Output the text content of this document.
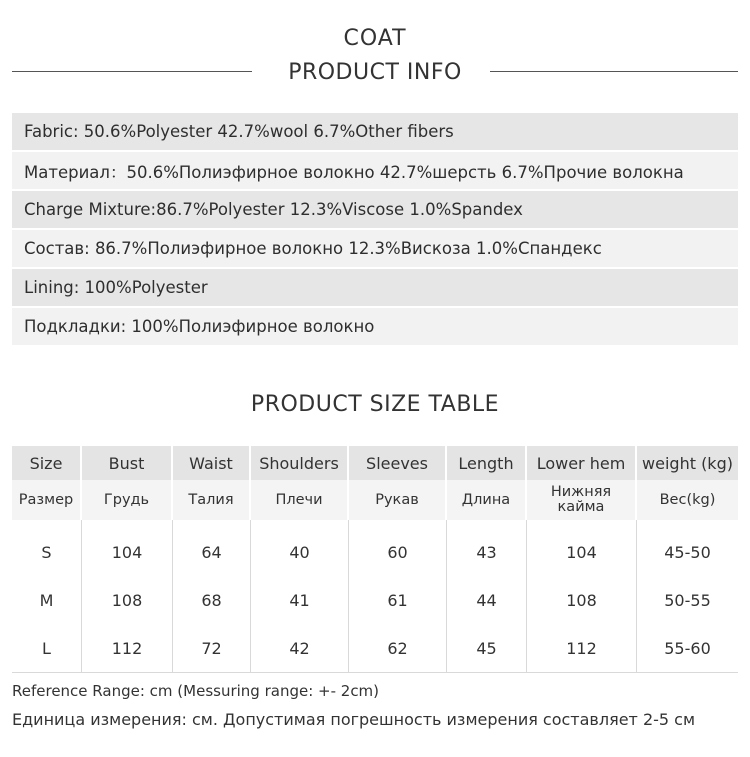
COAT
PRODUCT INFO
Fabric: 50.6%Polyester 42.7%wool 6.7%Other fibers
Материал：50.6%Полиэфирное волокно 42.7%шерсть 6.7%Прочие волокна
Charge Mixture:86.7%Polyester 12.3%Viscose 1.0%Spandex
Состав: 86.7%Полиэфирное волокно 12.3%Вискоза 1.0%Спандекс
Lining: 100%Polyester
Подкладки: 100%Полиэфирное волокно
PRODUCT SIZE TABLE
Size	Bust	Waist	Shoulders	Sleeves	Length	Lower hem	weight (kg)
Размер	Грудь	Талия	Плечи	Рукав	Длина	Нижняя кайма	Вес(kg)
S	104	64	40	60	43	104	45-50
M	108	68	41	61	44	108	50-55
L	112	72	42	62	45	112	55-60
Reference Range: cm (Messuring range: +- 2cm)
Единица измерения: см. Допустимая погрешность измерения составляет 2-5 см
